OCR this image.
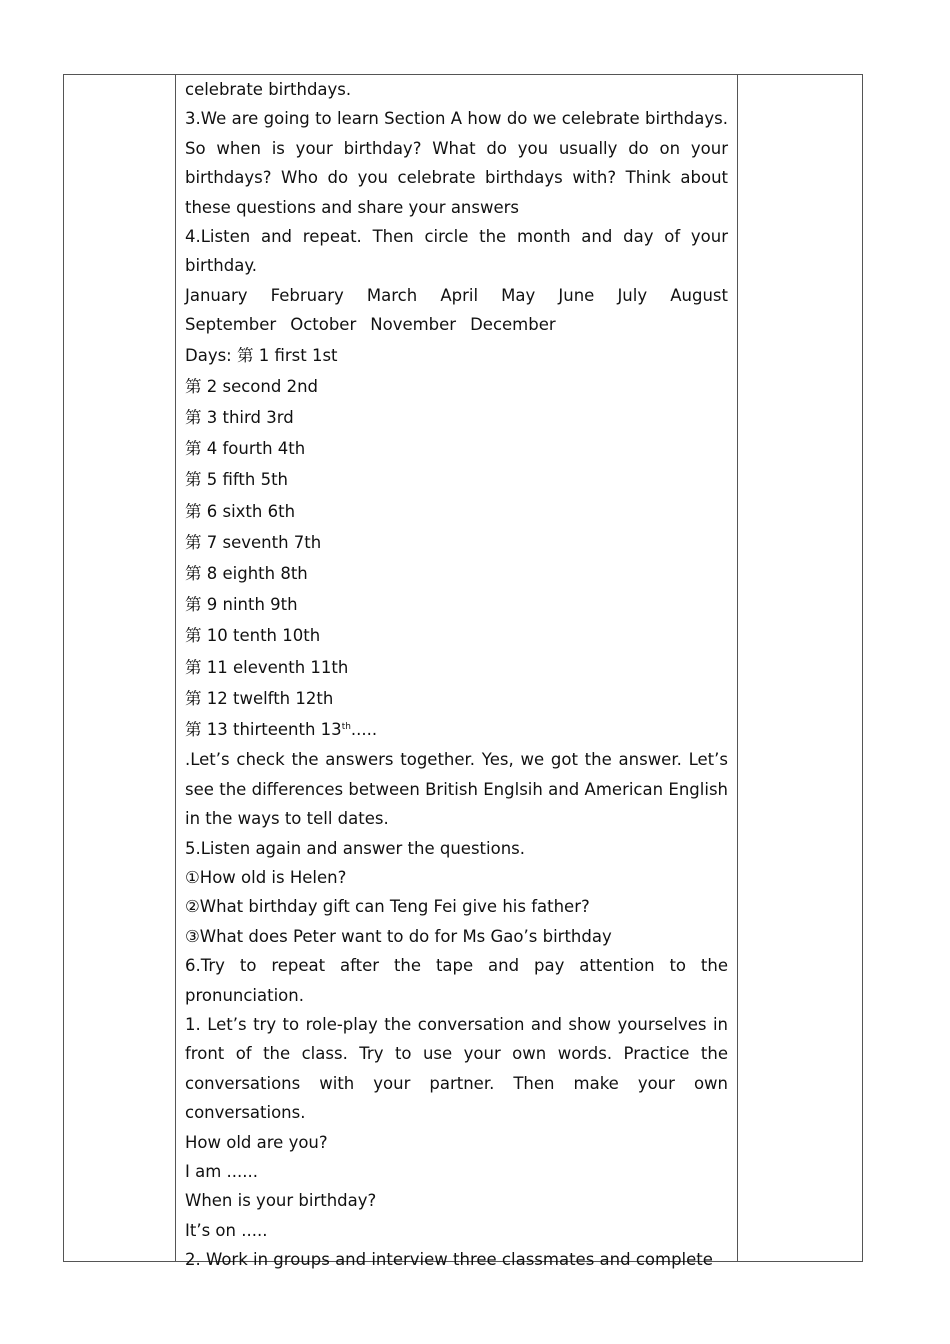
celebrate birthdays.

3.We are going to learn Section A how do we celebrate birthdays. So when is your birthday? What do you usually do on your birthdays? Who do you celebrate birthdays with? Think about these questions and share your answers

4.Listen and repeat. Then circle the month and day of your birthday.

January February March April May June July August
September October November December

Days: 第 1 first 1st

第 2 second 2nd

第 3 third 3rd

第 4 fourth 4th

第 5 fifth 5th

第 6 sixth 6th

第 7 seventh 7th

第 8 eighth 8th

第 9 ninth 9th

第 10 tenth 10th

第 11 eleventh 11th

第 12 twelfth 12th

第 13 thirteenth 13th.....

.Let’s check the answers together. Yes, we got the answer. Let’s see the differences between British Englsih and American English in the ways to tell dates.

5.Listen again and answer the questions.

①How old is Helen?

②What birthday gift can Teng Fei give his father?

③What does Peter want to do for Ms Gao’s birthday

6.Try to repeat after the tape and pay attention to the pronunciation.

1. Let’s try to role-play the conversation and show yourselves in front of the class. Try to use your own words. Practice the conversations with your partner. Then make your own conversations.

How old are you?

I am ......

When is your birthday?

It’s on .....

2. Work in groups and interview three classmates and complete
